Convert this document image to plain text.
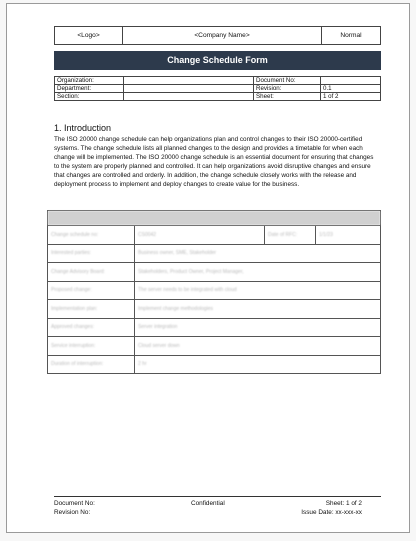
<Logo>	<Company Name>	Normal
Change Schedule Form
Organization:		Document No:	
Department:		Revision:	0.1
Section:		Sheet:	1 of 2
1. Introduction

The ISO 20000 change schedule can help organizations plan and control changes to their ISO 20000-certified systems. The change schedule lists all planned changes to the design and provides a timetable for when each change will be implemented. The ISO 20000 change schedule is an essential document for ensuring that changes to the system are properly planned and controlled. It can help organizations avoid disruptive changes and ensure that changes are controlled and orderly. In addition, the change schedule closely works with the release and deployment process to implement and deploy changes to create value for the business.

Change schedule no:	CS0042	Date of RFC:	1/1/23
Interested parties:	Business owner, SME, Stakeholder		
Change Advisory Board:	Stakeholders, Product Owner, Project Manager,		
Proposed change:	The server needs to be integrated with cloud		
Implementation plan:	Implement change methodologies		
Approved changes:	Server integration		
Service interruption:	Cloud server down		
Duration of interruption:	2 hr		
Document No:
Revision No:
Confidential	Sheet: 1 of 2
Issue Date: xx-xxx-xx
